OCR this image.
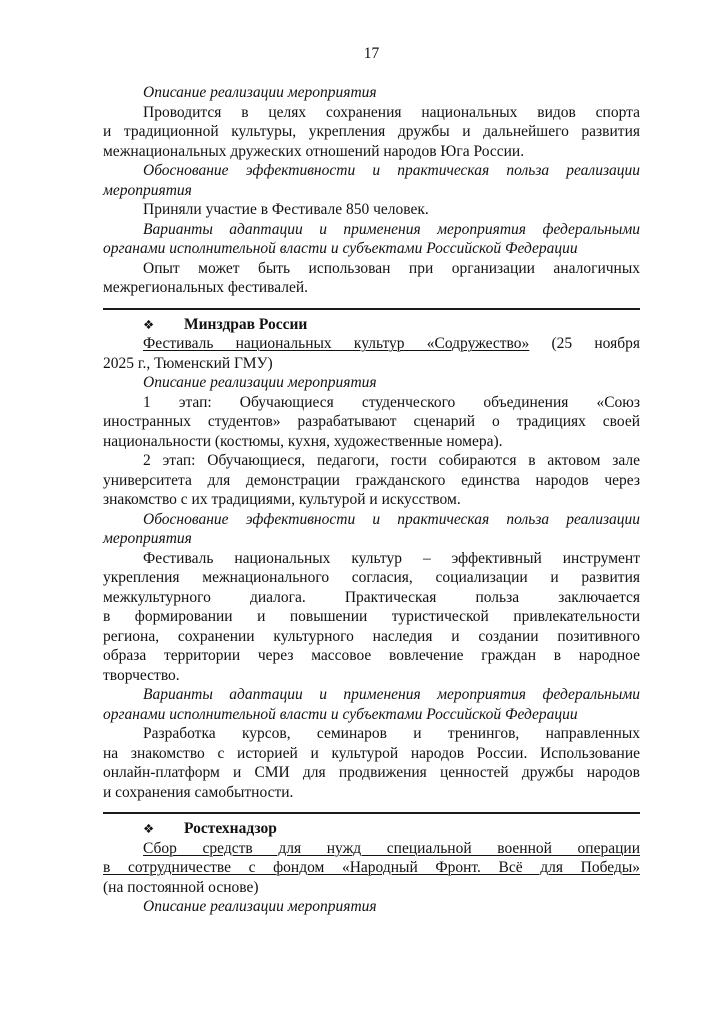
17
Описание реализации мероприятия
Проводится в целях сохранения национальных видов спорта
и традиционной культуры, укрепления дружбы и дальнейшего развития
межнациональных дружеских отношений народов Юга России.
Обоснование эффективности и практическая польза реализации
мероприятия
Приняли участие в Фестивале 850 человек.
Варианты адаптации и применения мероприятия федеральными
органами исполнительной власти и субъектами Российской Федерации
Опыт может быть использован при организации аналогичных
межрегиональных фестивалей.
❖ Минздрав России
Фестиваль национальных культур «Содружество» (25 ноября
2025 г., Тюменский ГМУ)
Описание реализации мероприятия
1 этап: Обучающиеся студенческого объединения «Союз
иностранных студентов» разрабатывают сценарий о традициях своей
национальности (костюмы, кухня, художественные номера).
2 этап: Обучающиеся, педагоги, гости собираются в актовом зале
университета для демонстрации гражданского единства народов через
знакомство с их традициями, культурой и искусством.
Обоснование эффективности и практическая польза реализации
мероприятия
Фестиваль национальных культур – эффективный инструмент
укрепления межнационального согласия, социализации и развития
межкультурного диалога. Практическая польза заключается
в формировании и повышении туристической привлекательности
региона, сохранении культурного наследия и создании позитивного
образа территории через массовое вовлечение граждан в народное
творчество.
Варианты адаптации и применения мероприятия федеральными
органами исполнительной власти и субъектами Российской Федерации
Разработка курсов, семинаров и тренингов, направленных
на знакомство с историей и культурой народов России. Использование
онлайн-платформ и СМИ для продвижения ценностей дружбы народов
и сохранения самобытности.
❖ Ростехнадзор
Сбор средств для нужд специальной военной операции
в сотрудничестве с фондом «Народный Фронт. Всё для Победы»
(на постоянной основе)
Описание реализации мероприятия
